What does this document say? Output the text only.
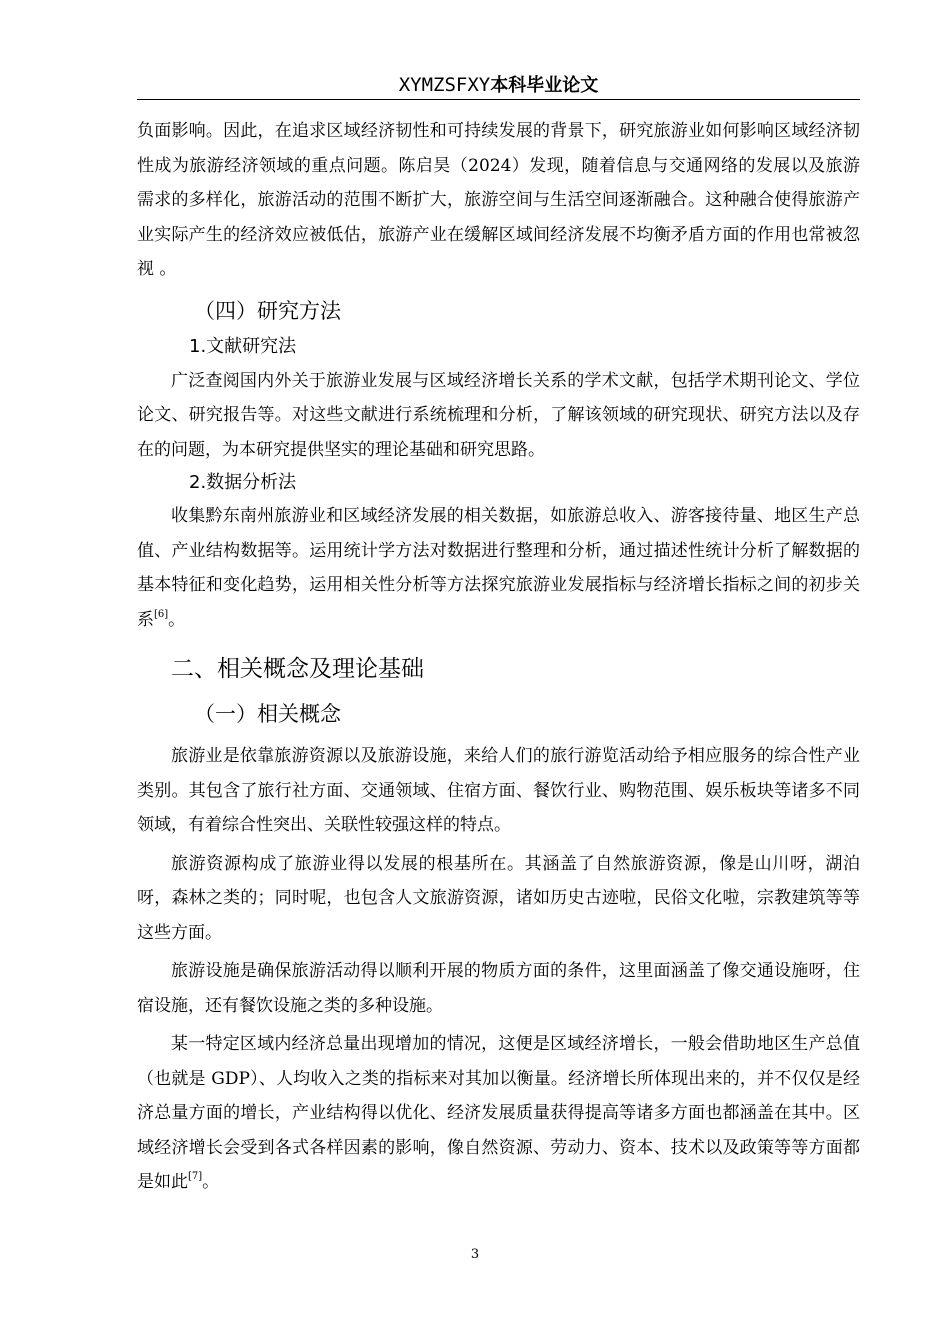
XYMZSFXY本科毕业论文

负面影响。因此，在追求区域经济韧性和可持续发展的背景下，研究旅游业如何影响区域经济韧性成为旅游经济领域的重点问题。陈启昊（2024）发现，随着信息与交通网络的发展以及旅游需求的多样化，旅游活动的范围不断扩大，旅游空间与生活空间逐渐融合。这种融合使得旅游产业实际产生的经济效应被低估，旅游产业在缓解区域间经济发展不均衡矛盾方面的作用也常被忽视 。

（四）研究方法

1.文献研究法

广泛查阅国内外关于旅游业发展与区域经济增长关系的学术文献，包括学术期刊论文、学位论文、研究报告等。对这些文献进行系统梳理和分析，了解该领域的研究现状、研究方法以及存在的问题，为本研究提供坚实的理论基础和研究思路。

2.数据分析法

收集黔东南州旅游业和区域经济发展的相关数据，如旅游总收入、游客接待量、地区生产总值、产业结构数据等。运用统计学方法对数据进行整理和分析，通过描述性统计分析了解数据的基本特征和变化趋势，运用相关性分析等方法探究旅游业发展指标与经济增长指标之间的初步关系[6]。

二、相关概念及理论基础

（一）相关概念

旅游业是依靠旅游资源以及旅游设施，来给人们的旅行游览活动给予相应服务的综合性产业类别。其包含了旅行社方面、交通领域、住宿方面、餐饮行业、购物范围、娱乐板块等诸多不同领域，有着综合性突出、关联性较强这样的特点。

旅游资源构成了旅游业得以发展的根基所在。其涵盖了自然旅游资源，像是山川呀，湖泊呀，森林之类的；同时呢，也包含人文旅游资源，诸如历史古迹啦，民俗文化啦，宗教建筑等等这些方面。

旅游设施是确保旅游活动得以顺利开展的物质方面的条件，这里面涵盖了像交通设施呀，住宿设施，还有餐饮设施之类的多种设施。

某一特定区域内经济总量出现增加的情况，这便是区域经济增长，一般会借助地区生产总值（也就是 GDP）、人均收入之类的指标来对其加以衡量。经济增长所体现出来的，并不仅仅是经济总量方面的增长，产业结构得以优化、经济发展质量获得提高等诸多方面也都涵盖在其中。区域经济增长会受到各式各样因素的影响，像自然资源、劳动力、资本、技术以及政策等等方面都是如此[7]。

3
